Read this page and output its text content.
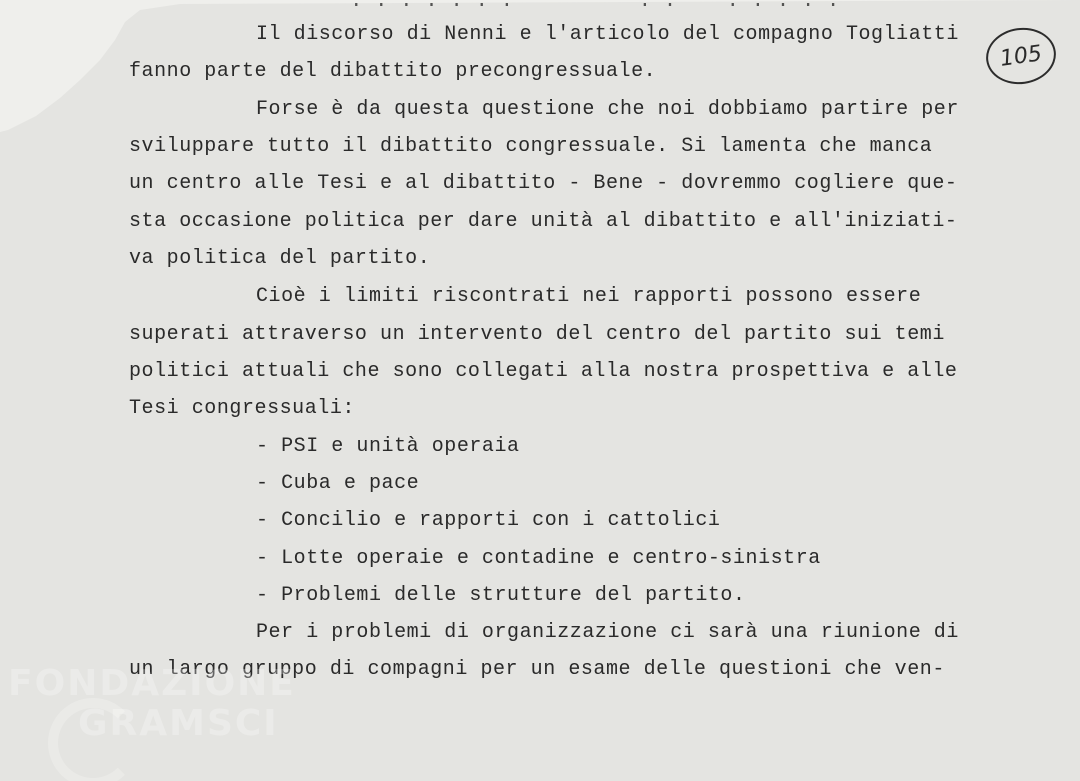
. . . . . . .          . .    . . . . .
105
Il discorso di Nenni e l'articolo del compagno Togliatti
fanno parte del dibattito precongressuale.
Forse è da questa questione che noi dobbiamo partire per
sviluppare tutto il dibattito congressuale. Si lamenta che manca
un centro alle Tesi e al dibattito - Bene - dovremmo cogliere que-
sta occasione politica per dare unità al dibattito e all'iniziati-
va politica del partito.
Cioè i limiti riscontrati nei rapporti possono essere
superati attraverso un intervento del centro del partito sui temi
politici attuali che sono collegati alla nostra prospettiva e alle
Tesi congressuali:
- PSI e unità operaia
- Cuba e pace
- Concilio e rapporti con i cattolici
- Lotte operaie e contadine e centro-sinistra
- Problemi delle strutture del partito.
Per i problemi di organizzazione ci sarà una riunione di
un largo gruppo di compagni per un esame delle questioni che ven-
FONDAZIONE
GRAMSCI
